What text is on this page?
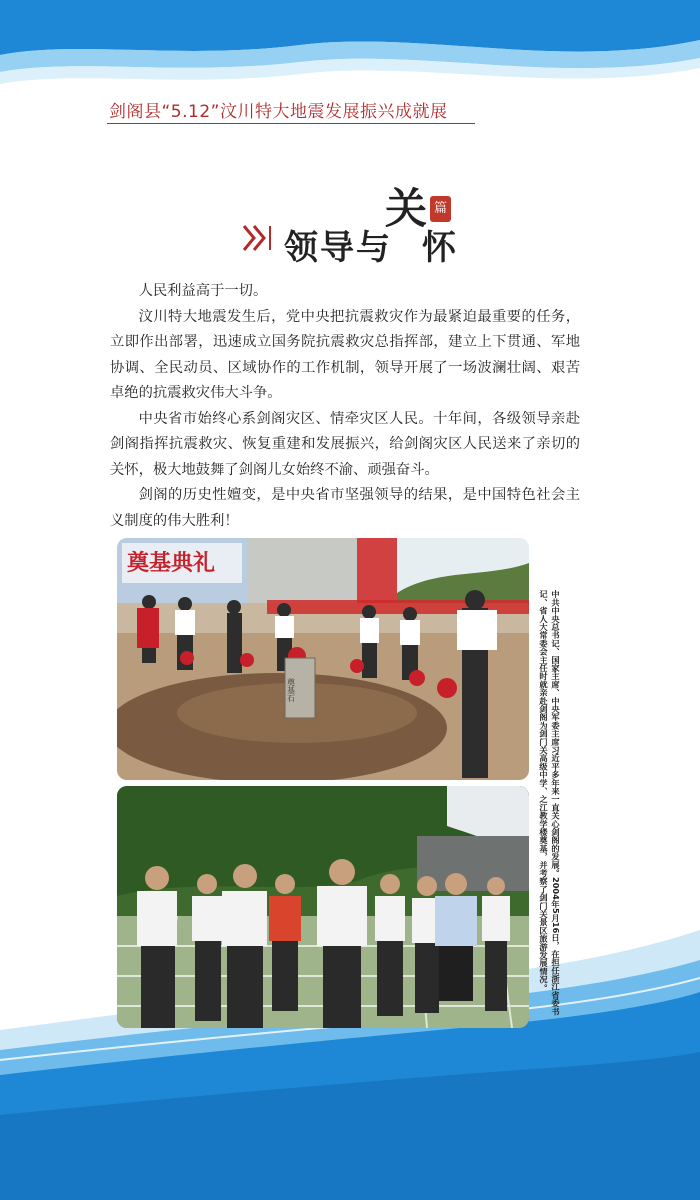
剑阁县“5.12”汶川特大地震发展振兴成就展
领导与
关
怀
篇

人民利益高于一切。

汶川特大地震发生后，党中央把抗震救灾作为最紧迫最重要的任务，立即作出部署，迅速成立国务院抗震救灾总指挥部，建立上下贯通、军地协调、全民动员、区域协作的工作机制，领导开展了一场波澜壮阔、艰苦卓绝的抗震救灾伟大斗争。

中央省市始终心系剑阁灾区、情牵灾区人民。十年间，各级领导亲赴剑阁指挥抗震救灾、恢复重建和发展振兴，给剑阁灾区人民送来了亲切的关怀，极大地鼓舞了剑阁儿女始终不渝、顽强奋斗。

剑阁的历史性嬗变，是中央省市坚强领导的结果，是中国特色社会主义制度的伟大胜利！

奠基典礼
奠基石	中共中央总书记、国家主席、中央军委主席习近平多年来一直关心剑阁的发展。2004年5月16日，在担任浙江省委书记、省人大常委会主任时就亲赴剑阁为剑门关高级中学、之江教学楼奠基，并考察了剑门关景区旅游发展情况。
